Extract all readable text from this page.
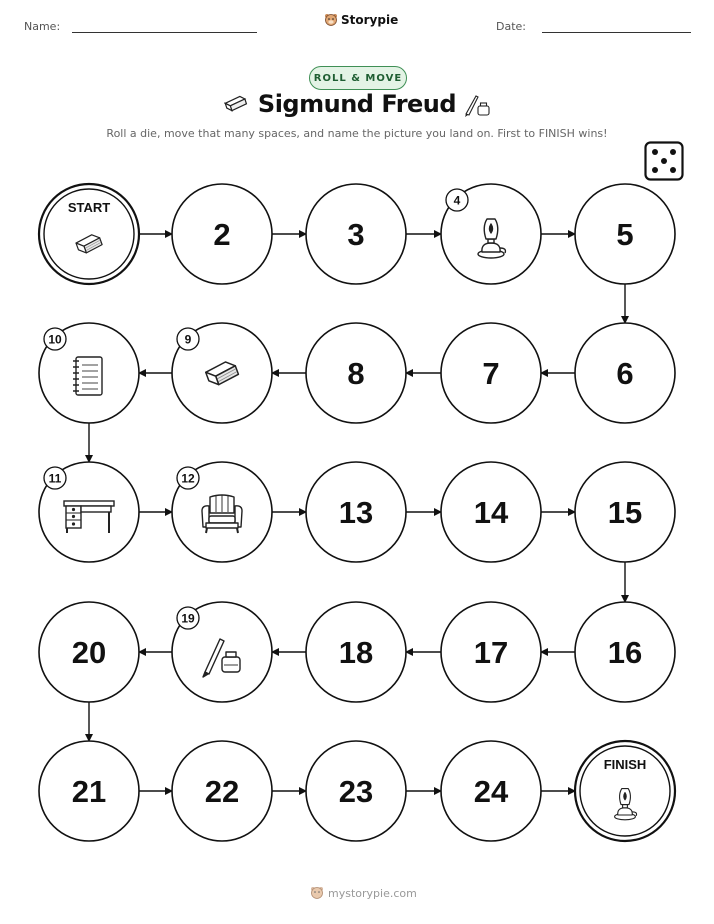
Name:	Storypie	Date:
ROLL & MOVE
Sigmund Freud
Roll a die, move that many spaces, and name the picture you land on. First to FINISH wins!
START
2	3
4
5
6
7
8
9
10
11	12
13	14	15
16
17
18
19
20
21	22	23	24
FINISH
mystorypie.com
